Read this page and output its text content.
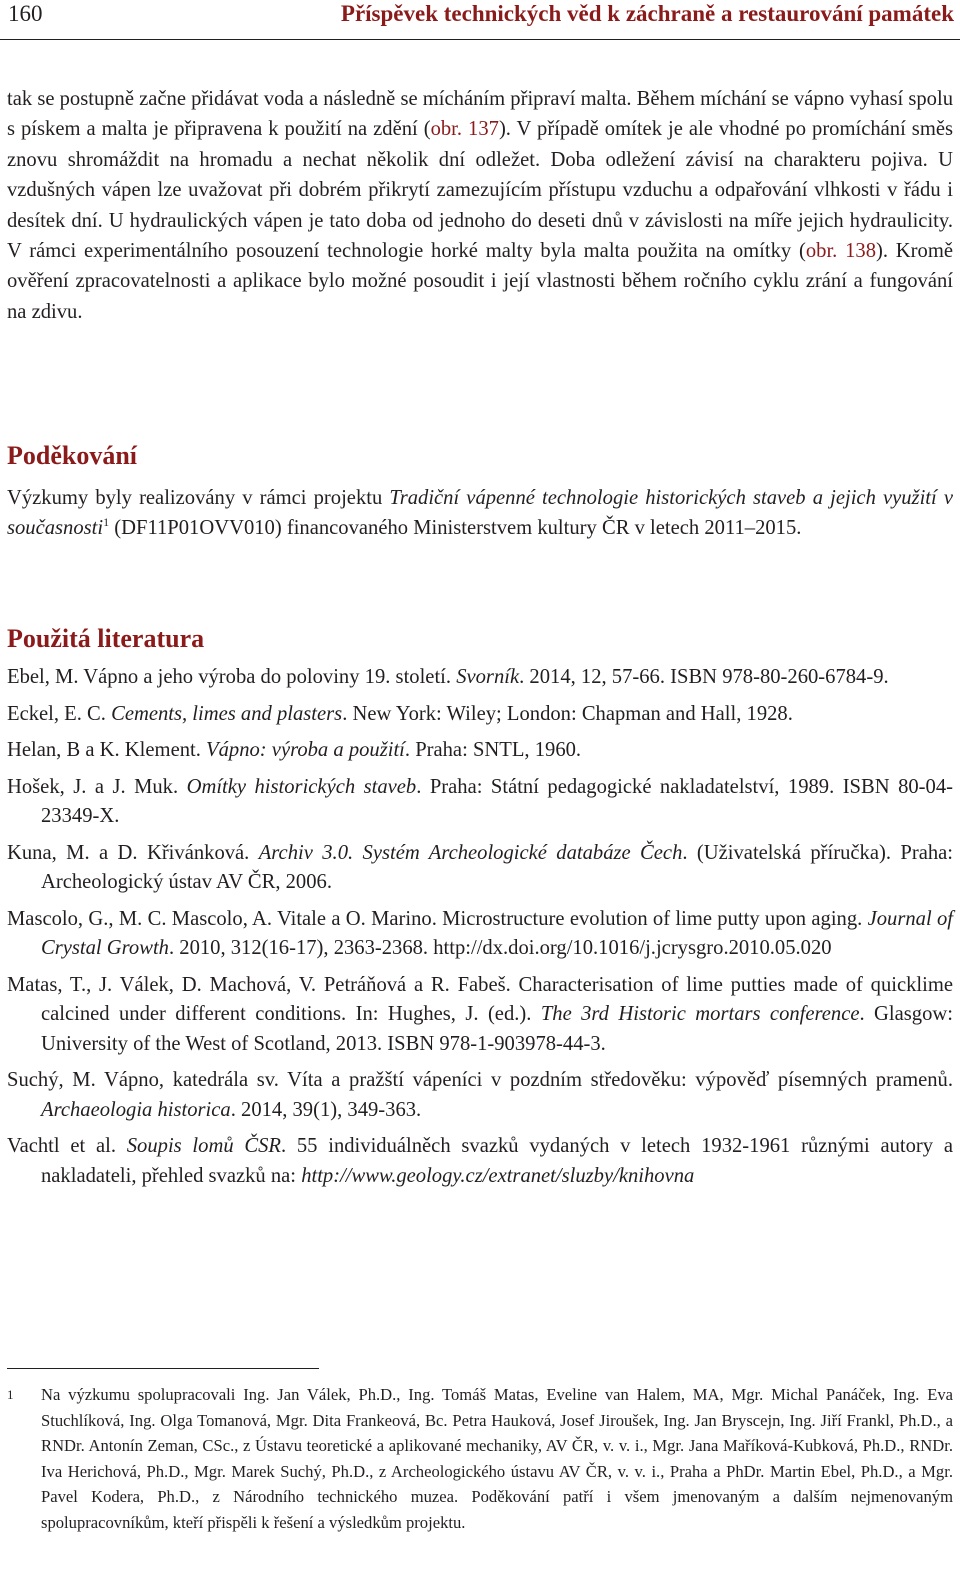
160	Příspěvek technických věd k záchraně a restaurování památek

tak se postupně začne přidávat voda a následně se mícháním připraví malta. Během míchání se vápno vyhasí spolu s pískem a malta je připravena k použití na zdění (obr. 137). V případě omítek je ale vhodné po promíchání směs znovu shromáždit na hromadu a nechat několik dní odležet. Doba odležení závisí na charakteru pojiva. U vzdušných vápen lze uvažovat při dobrém přikrytí zamezujícím přístupu vzduchu a odpařování vlhkosti v řádu i desítek dní. U hydraulických vápen je tato doba od jednoho do deseti dnů v závislosti na míře jejich hydraulicity. V rámci experimentálního posouzení technologie horké malty byla malta použita na omítky (obr. 138). Kromě ověření zpracovatelnosti a aplikace bylo možné posoudit i její vlastnosti během ročního cyklu zrání a fungování na zdivu.

Poděkování

Výzkumy byly realizovány v rámci projektu Tradiční vápenné technologie historických staveb a jejich využití v současnosti$^1$ (DF11P01OVV010) financovaného Ministerstvem kultury ČR v letech 2011–2015.

Použitá literatura
Ebel, M. Vápno a jeho výroba do poloviny 19. století. Svorník. 2014, 12, 57-66. ISBN 978-80-260-6784-9.
Eckel, E. C. Cements, limes and plasters. New York: Wiley; London: Chapman and Hall, 1928.
Helan, B a K. Klement. Vápno: výroba a použití. Praha: SNTL, 1960.
Hošek, J. a J. Muk. Omítky historických staveb. Praha: Státní pedagogické nakladatelství, 1989. ISBN 80-04-23349-X.
Kuna, M. a D. Křivánková. Archiv 3.0. Systém Archeologické databáze Čech. (Uživatelská příručka). Praha: Archeologický ústav AV ČR, 2006.
Mascolo, G., M. C. Mascolo, A. Vitale a O. Marino. Microstructure evolution of lime putty upon aging. Journal of Crystal Growth. 2010, 312(16-17), 2363-2368. http://dx.doi.org/10.1016/j.jcrysgro.2010.05.020
Matas, T., J. Válek, D. Machová, V. Petráňová a R. Fabeš. Characterisation of lime putties made of quicklime calcined under different conditions. In: Hughes, J. (ed.). The 3rd Historic mortars conference. Glasgow: University of the West of Scotland, 2013. ISBN 978-1-903978-44-3.
Suchý, M. Vápno, katedrála sv. Víta a pražští vápeníci v pozdním středověku: výpověď písemných pramenů. Archaeologia historica. 2014, 39(1), 349-363.
Vachtl et al. Soupis lomů ČSR. 55 individuálněch svazků vydaných v letech 1932-1961 různými autory a nakladateli, přehled svazků na: http://www.geology.cz/extranet/sluzby/knihovna
1 Na výzkumu spolupracovali Ing. Jan Válek, Ph.D., Ing. Tomáš Matas, Eveline van Halem, MA, Mgr. Michal Panáček, Ing. Eva Stuchlíková, Ing. Olga Tomanová, Mgr. Dita Frankeová, Bc. Petra Hauková, Josef Jiroušek, Ing. Jan Bryscejn, Ing. Jiří Frankl, Ph.D., a RNDr. Antonín Zeman, CSc., z Ústavu teoretické a aplikované mechaniky, AV ČR, v. v. i., Mgr. Jana Maříková-Kubková, Ph.D., RNDr. Iva Herichová, Ph.D., Mgr. Marek Suchý, Ph.D., z Archeologického ústavu AV ČR, v. v. i., Praha a PhDr. Martin Ebel, Ph.D., a Mgr. Pavel Kodera, Ph.D., z Národního technického muzea. Poděkování patří i všem jmenovaným a dalším nejmenovaným spolupracovníkům, kteří přispěli k řešení a výsledkům projektu.
